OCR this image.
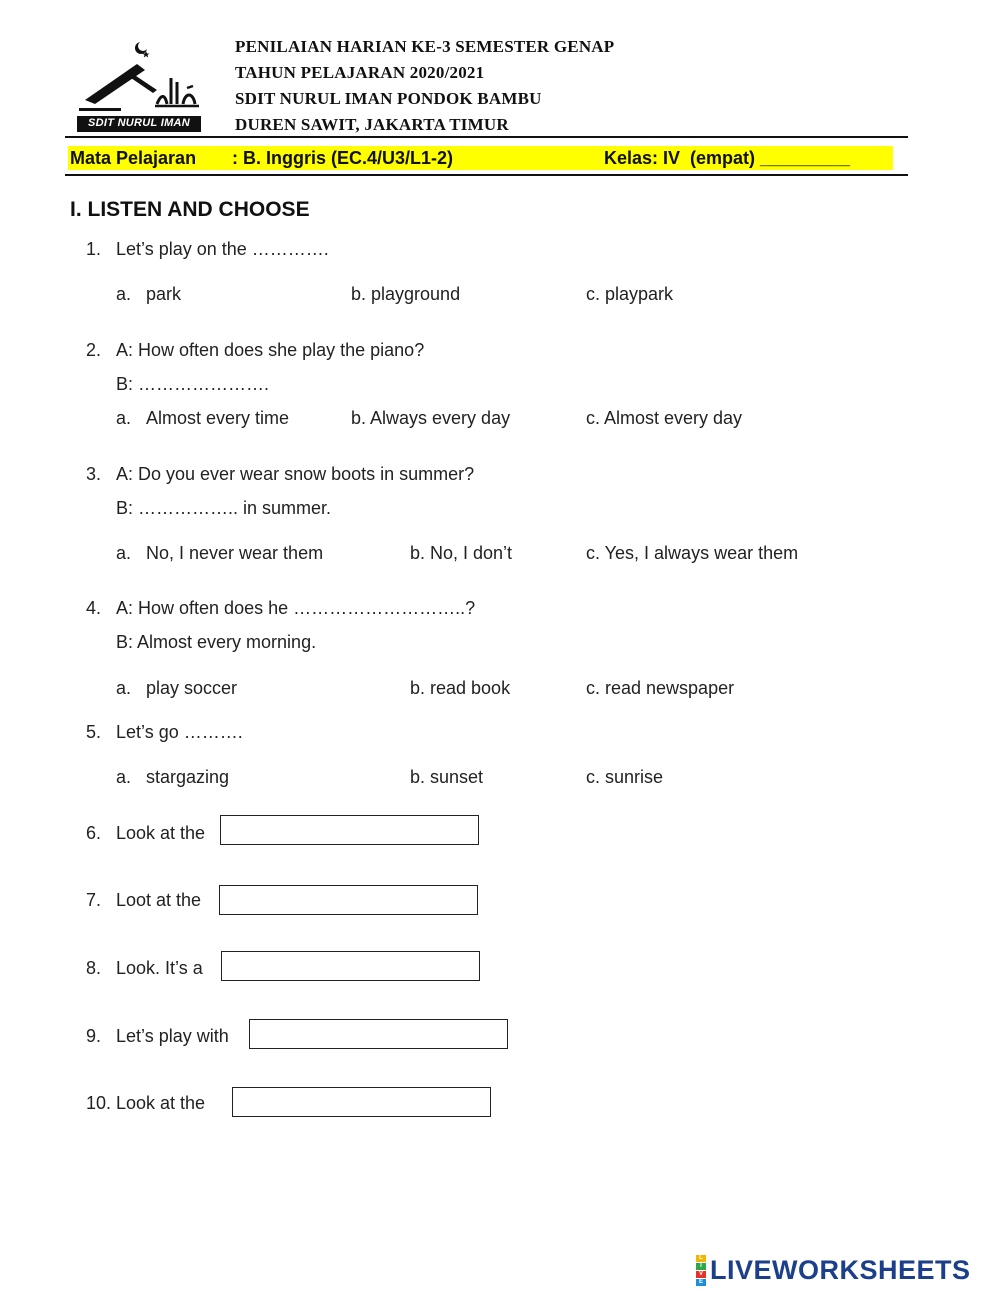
SDIT NURUL IMAN
PENILAIAN HARIAN KE-3 SEMESTER GENAP
TAHUN PELAJARAN 2020/2021
SDIT NURUL IMAN PONDOK BAMBU
DUREN SAWIT, JAKARTA TIMUR
Mata Pelajaran : B. Inggris (EC.4/U3/L1-2)	Kelas: IV  (empat) _________
I. LISTEN AND CHOOSE
1. Let’s play on the ………….
a. park	b. playground	c. playpark
2. A: How often does she play the piano?
B: ………………….
a. Almost every time	b. Always every day	c. Almost every day
3. A: Do you ever wear snow boots in summer?
B: …………….. in summer.
a. No, I never wear them	b. No, I don’t	c. Yes, I always wear them
4. A: How often does he ………………………..?
B: Almost every morning.
a. play soccer	b. read book	c. read newspaper
5. Let’s go ……….
a. stargazing	b. sunset	c. sunrise
6. Look at the
7. Loot at the
8. Look. It’s a
9. Let’s play with
10. Look at the
L
I
V
E LIVEWORKSHEETS
